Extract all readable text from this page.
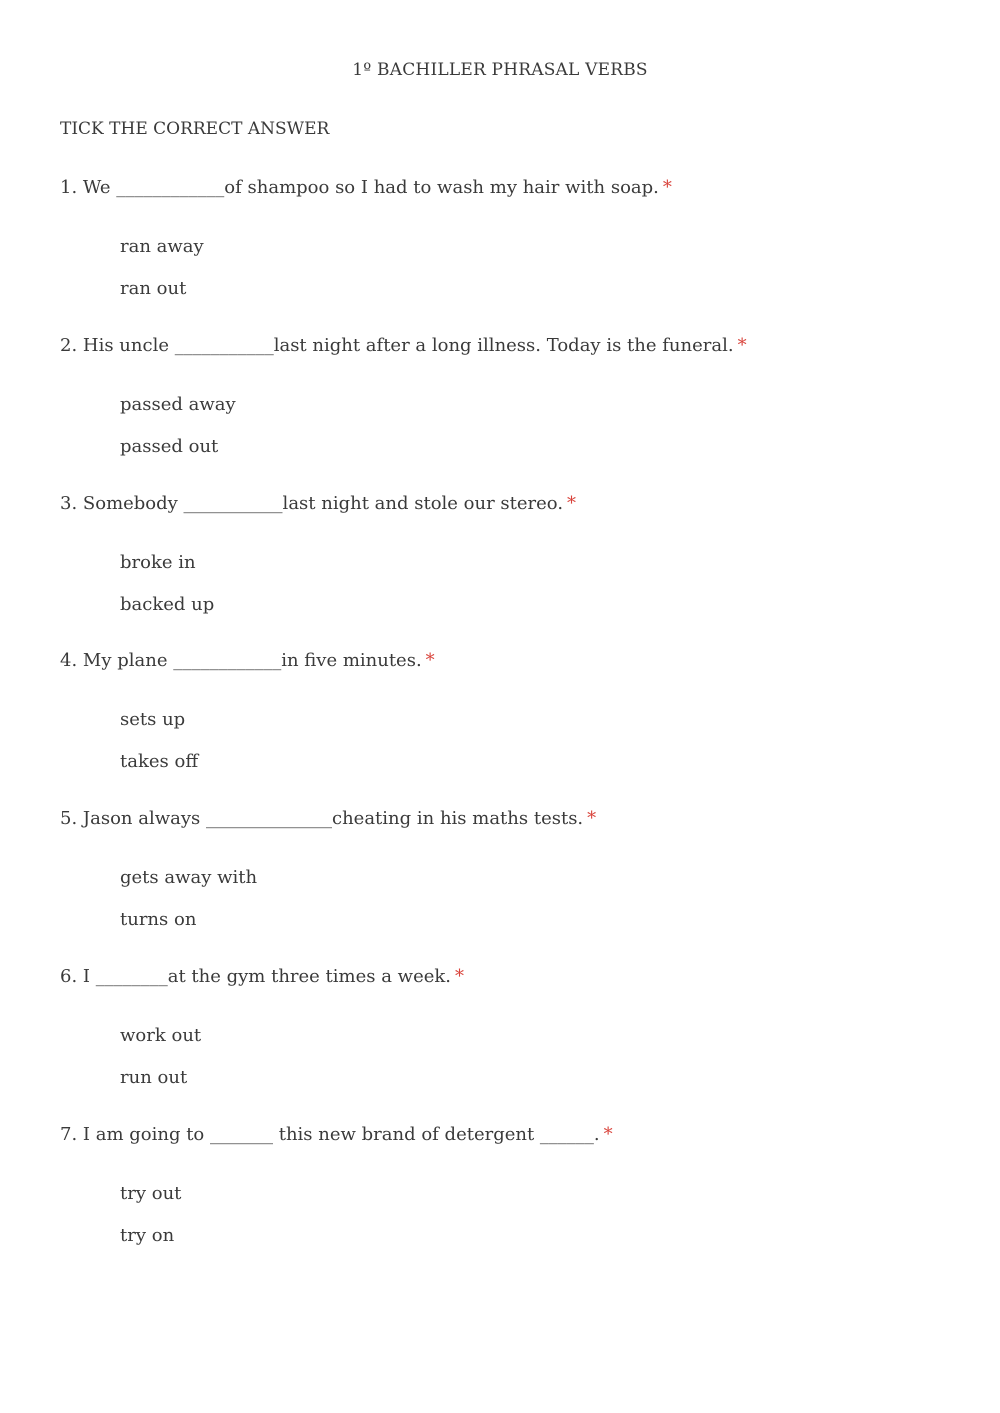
1º BACHILLER PHRASAL VERBS
TICK THE CORRECT ANSWER
1. We ____________of shampoo so I had to wash my hair with soap. *
ran away
ran out
2. His uncle ___________last night after a long illness. Today is the funeral. *
passed away
passed out
3. Somebody ___________last night and stole our stereo. *
broke in
backed up
4. My plane ____________in five minutes. *
sets up
takes off
5. Jason always ______________cheating in his maths tests. *
gets away with
turns on
6. I ________at the gym three times a week. *
work out
run out
7. I am going to _______ this new brand of detergent ______. *
try out
try on
